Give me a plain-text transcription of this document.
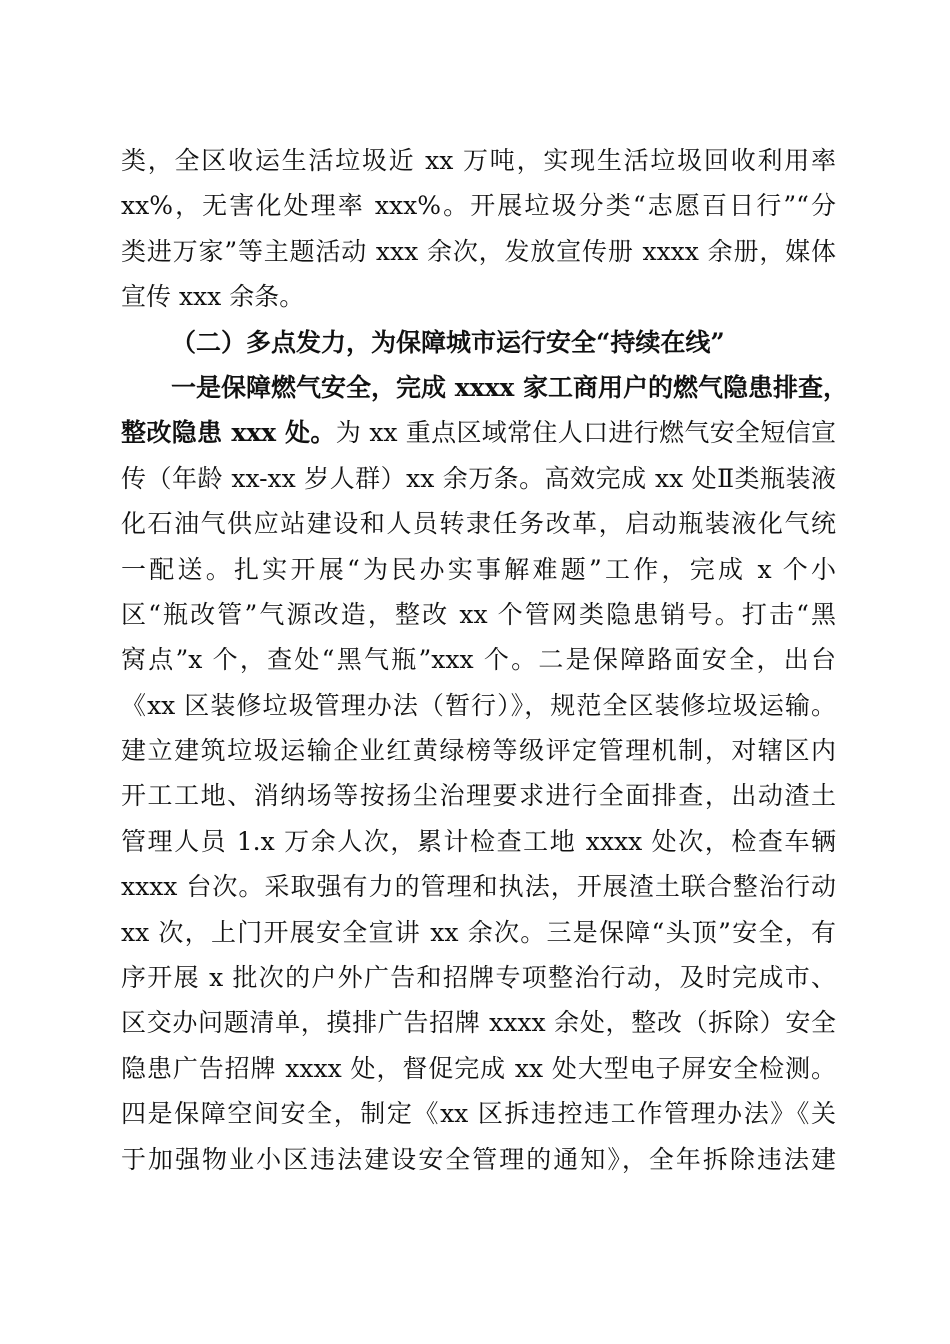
类，全区收运生活垃圾近 xx 万吨，实现生活垃圾回收利用率
xx%，无害化处理率 xxx%。开展垃圾分类“志愿百日行”“分
类进万家”等主题活动 xxx 余次，发放宣传册 xxxx 余册，媒体
宣传 xxx 余条。
（二）多点发力，为保障城市运行安全“持续在线”
一是保障燃气安全，完成 xxxx 家工商用户的燃气隐患排查，
整改隐患 xxx 处。为 xx 重点区域常住人口进行燃气安全短信宣
传（年龄 xx-xx 岁人群）xx 余万条。高效完成 xx 处Ⅱ类瓶装液
化石油气供应站建设和人员转隶任务改革，启动瓶装液化气统
一配送。扎实开展“为民办实事解难题”工作，完成 x 个小
区“瓶改管”气源改造，整改 xx 个管网类隐患销号。打击“黑
窝点”x 个，查处“黑气瓶”xxx 个。二是保障路面安全，出台
《xx 区装修垃圾管理办法（暂行）》，规范全区装修垃圾运输。
建立建筑垃圾运输企业红黄绿榜等级评定管理机制，对辖区内
开工工地、消纳场等按扬尘治理要求进行全面排查，出动渣土
管理人员 1.x 万余人次，累计检查工地 xxxx 处次，检查车辆
xxxx 台次。采取强有力的管理和执法，开展渣土联合整治行动
xx 次，上门开展安全宣讲 xx 余次。三是保障“头顶”安全，有
序开展 x 批次的户外广告和招牌专项整治行动，及时完成市、
区交办问题清单，摸排广告招牌 xxxx 余处，整改（拆除）安全
隐患广告招牌 xxxx 处，督促完成 xx 处大型电子屏安全检测。
四是保障空间安全，制定《xx 区拆违控违工作管理办法》《关
于加强物业小区违法建设安全管理的通知》，全年拆除违法建
